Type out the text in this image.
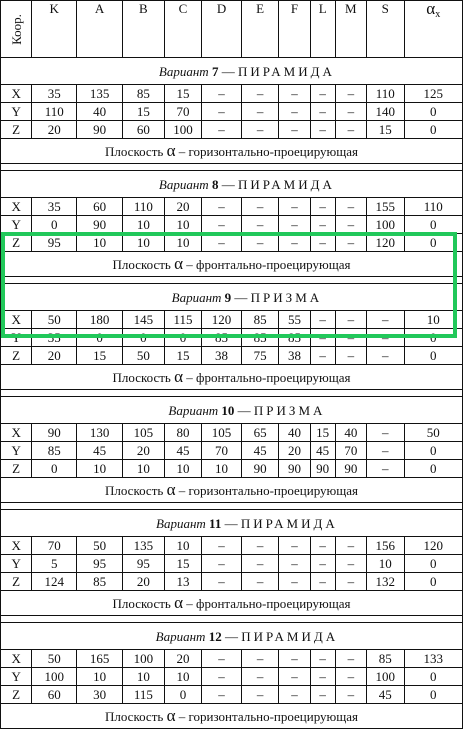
Коор.	K	A	B	C	D	E	F	L	M	S	$\alpha_x$
	Вариант 7 — ПИРАМИДА										
X	35	135	85	15	–	–	–	–	–	110	125
Y	110	40	15	70	–	–	–	–	–	140	0
Z	20	90	60	100	–	–	–	–	–	15	0
Плоскость α – горизонтально-проецирующая											

	Вариант 8 — ПИРАМИДА										
X	35	60	110	20	–	–	–	–	–	155	110
Y	0	90	10	10	–	–	–	–	–	100	0
Z	95	10	10	10	–	–	–	–	–	120	0
Плоскость α – фронтально-проецирующая											

	Вариант 9 — ПРИЗМА										
X	50	180	145	115	120	85	55	–	–	–	10
Y	35	0	0	0	85	85	85	–	–	–	0
Z	20	15	50	15	38	75	38	–	–	–	0
Плоскость α – фронтально-проецирующая											

	Вариант 10 — ПРИЗМА										
X	90	130	105	80	105	65	40	15	40	–	50
Y	85	45	20	45	70	45	20	45	70	–	0
Z	0	10	10	10	10	90	90	90	90	–	0
Плоскость α – горизонтально-проецирующая											

	Вариант 11 — ПИРАМИДА										
X	70	50	135	10	–	–	–	–	–	156	120
Y	5	95	95	15	–	–	–	–	–	10	0
Z	124	85	20	13	–	–	–	–	–	132	0
Плоскость α – фронтально-проецирующая											

	Вариант 12 — ПИРАМИДА										
X	50	165	100	20	–	–	–	–	–	85	133
Y	100	10	10	10	–	–	–	–	–	100	0
Z	60	30	115	0	–	–	–	–	–	45	0
Плоскость α – горизонтально-проецирующая											
